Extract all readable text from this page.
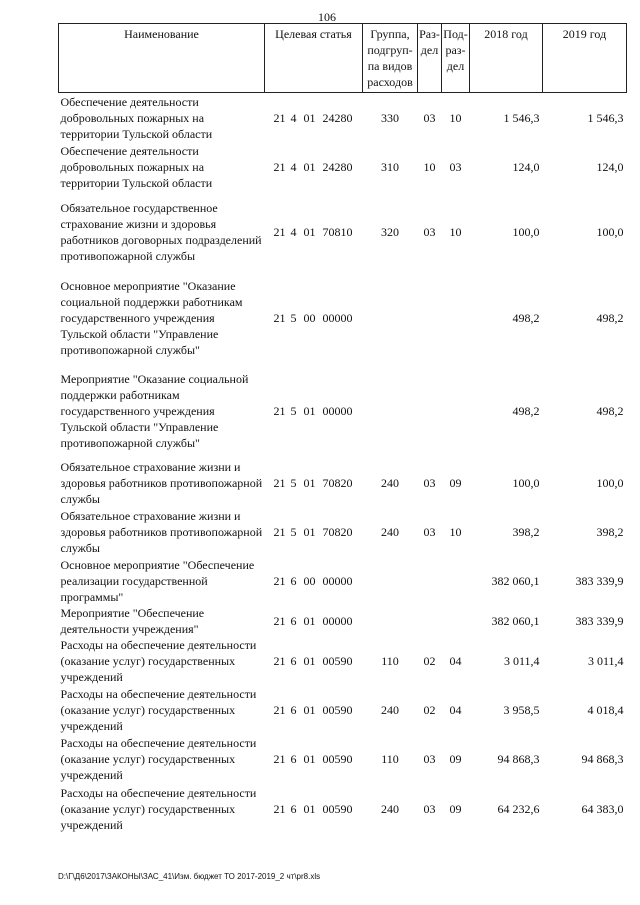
106
Наименование	Целевая статья	Группа, подгруп-па видов расходов	Раз-дел	Под-раз-дел	2018 год	2019 год
Обеспечение деятельности добровольных пожарных на территории Тульской области	21 4 01 24280	330	03	10	1 546,3	1 546,3
Обеспечение деятельности добровольных пожарных на территории Тульской области	21 4 01 24280	310	10	03	124,0	124,0
Обязательное государственное страхование жизни и здоровья работников договорных подразделений противопожарной службы	21 4 01 70810	320	03	10	100,0	100,0
Основное мероприятие "Оказание социальной поддержки работникам государственного учреждения Тульской области "Управление противопожарной службы"	21 5 00 00000				498,2	498,2
Мероприятие "Оказание социальной поддержки работникам государственного учреждения Тульской области "Управление противопожарной службы"	21 5 01 00000				498,2	498,2
Обязательное страхование жизни и здоровья работников противопожарной службы	21 5 01 70820	240	03	09	100,0	100,0
Обязательное страхование жизни и здоровья работников противопожарной службы	21 5 01 70820	240	03	10	398,2	398,2
Основное мероприятие "Обеспечение реализации государственной программы"	21 6 00 00000				382 060,1	383 339,9
Мероприятие "Обеспечение деятельности учреждения"	21 6 01 00000				382 060,1	383 339,9
Расходы на обеспечение деятельности (оказание услуг) государственных учреждений	21 6 01 00590	110	02	04	3 011,4	3 011,4
Расходы на обеспечение деятельности (оказание услуг) государственных учреждений	21 6 01 00590	240	02	04	3 958,5	4 018,4
Расходы на обеспечение деятельности (оказание услуг) государственных учреждений	21 6 01 00590	110	03	09	94 868,3	94 868,3
Расходы на обеспечение деятельности (оказание услуг) государственных учреждений	21 6 01 00590	240	03	09	64 232,6	64 383,0
D:\Г\Д6\2017\ЗАКОНЫ\ЗАС_41\Изм. бюджет ТО 2017-2019_2 чт\pr8.xls
